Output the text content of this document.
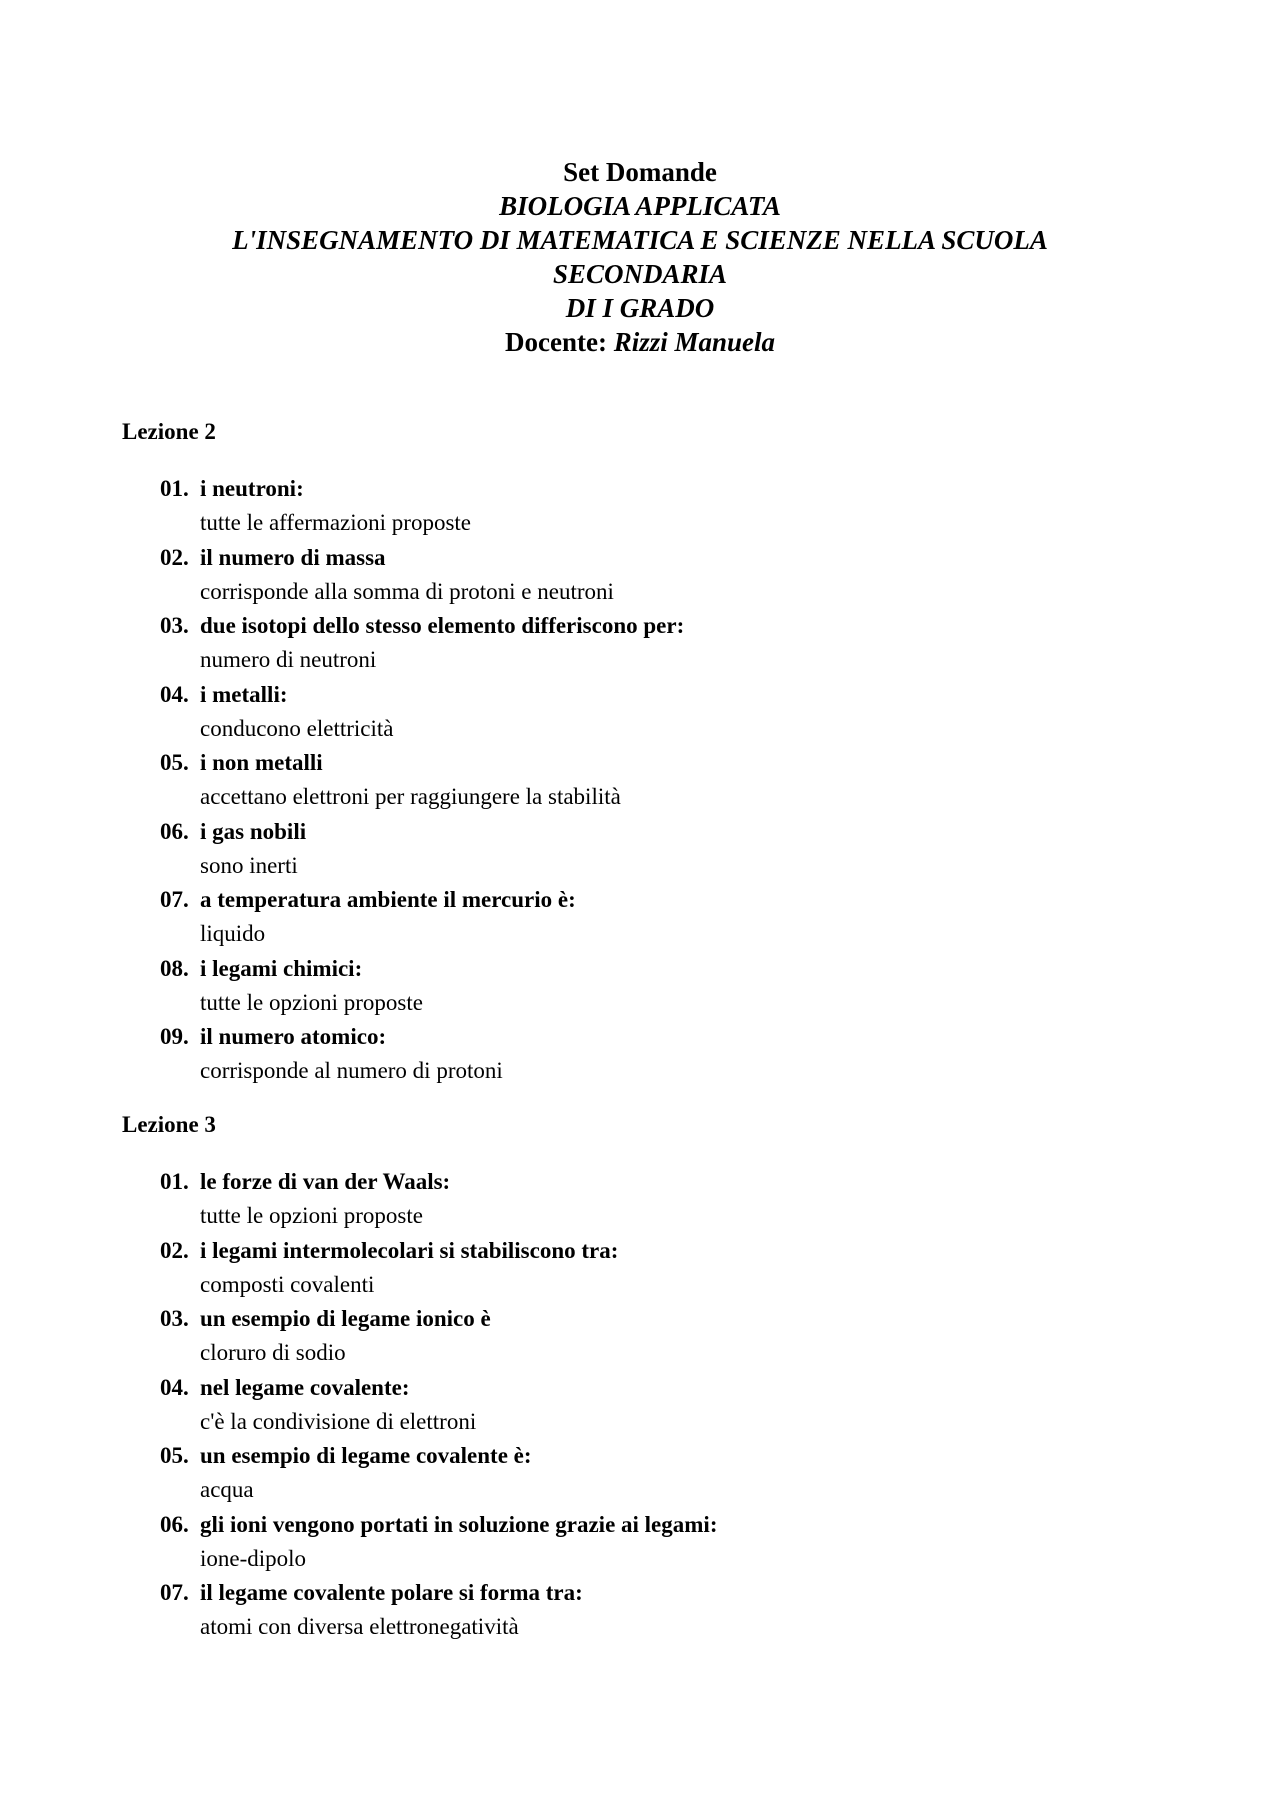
Set Domande
BIOLOGIA APPLICATA
L'INSEGNAMENTO DI MATEMATICA E SCIENZE NELLA SCUOLA
SECONDARIA
DI I GRADO
Docente: Rizzi Manuela
Lezione 2
01. i neutroni:
tutte le affermazioni proposte
02. il numero di massa
corrisponde alla somma di protoni e neutroni
03. due isotopi dello stesso elemento differiscono per:
numero di neutroni
04. i metalli:
conducono elettricità
05. i non metalli
accettano elettroni per raggiungere la stabilità
06. i gas nobili
sono inerti
07. a temperatura ambiente il mercurio è:
liquido
08. i legami chimici:
tutte le opzioni proposte
09. il numero atomico:
corrisponde al numero di protoni
Lezione 3
01. le forze di van der Waals:
tutte le opzioni proposte
02. i legami intermolecolari si stabiliscono tra:
composti covalenti
03. un esempio di legame ionico è
cloruro di sodio
04. nel legame covalente:
c'è la condivisione di elettroni
05. un esempio di legame covalente è:
acqua
06. gli ioni vengono portati in soluzione grazie ai legami:
ione-dipolo
07. il legame covalente polare si forma tra:
atomi con diversa elettronegatività
